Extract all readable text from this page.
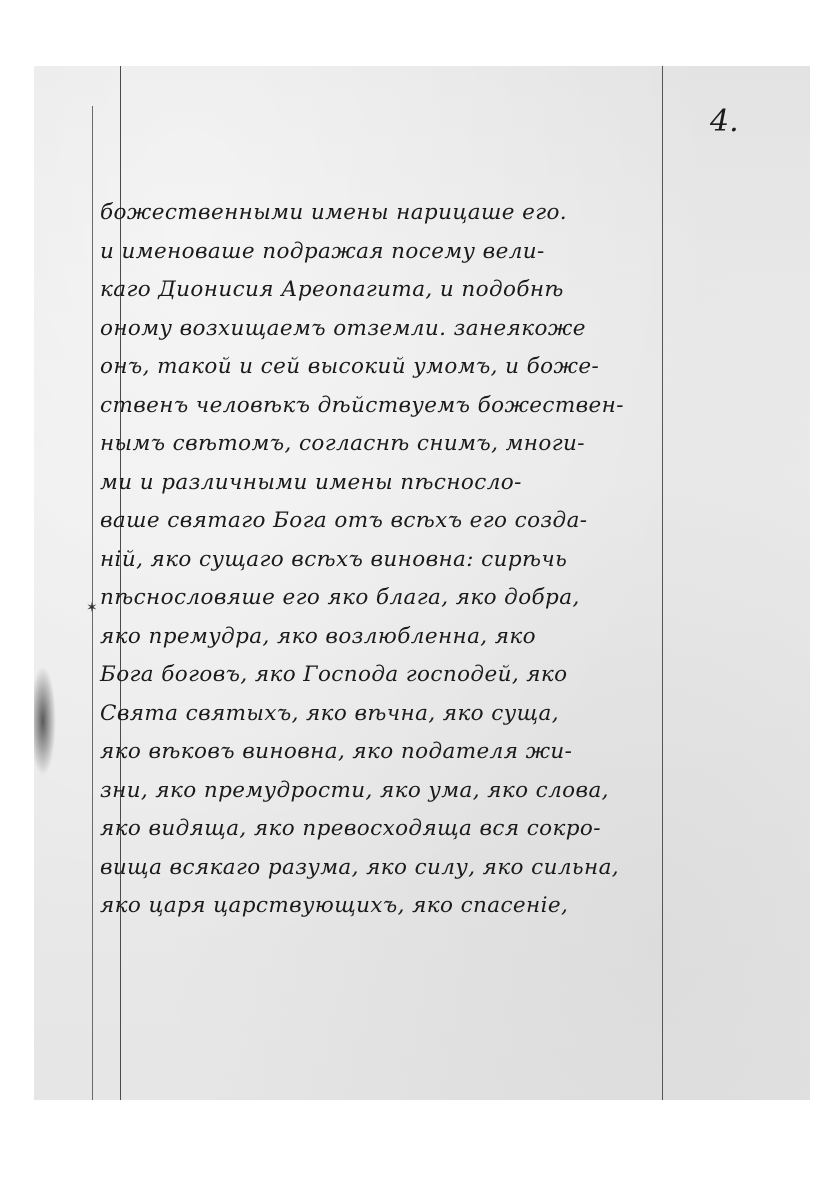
✶
4.
божественными имены нарицаше его.
и именоваше подражая посему вели-
каго Дионисия Ареопагита, и подобнѣ
оному возхищаемъ отземли. занеякоже
онъ, такой и сей высокий умомъ, и боже-
ственъ человѣкъ дѣйствуемъ божествен-
нымъ свѣтомъ, согласнѣ снимъ, многи-
ми и различными имены пѣснослo-
ваше святаго Бога отъ всѣхъ его созда-
нiй, яко сущаго всѣхъ виновна: сирѣчь
пѣснословяше его яко блага, яко добра,
яко премудра, яко возлюбленна, яко
Бога боговъ, яко Господа господей, яко
Свята святыхъ, яко вѣчна, яко суща,
яко вѣковъ виновна, яко подателя жи-
зни, яко премудрости, яко ума, яко слова,
яко видяща, яко превосходяща вся сокро-
вища всякаго разума, яко силу, яко сильна,
яко царя царствующихъ, яко спасенiе,
